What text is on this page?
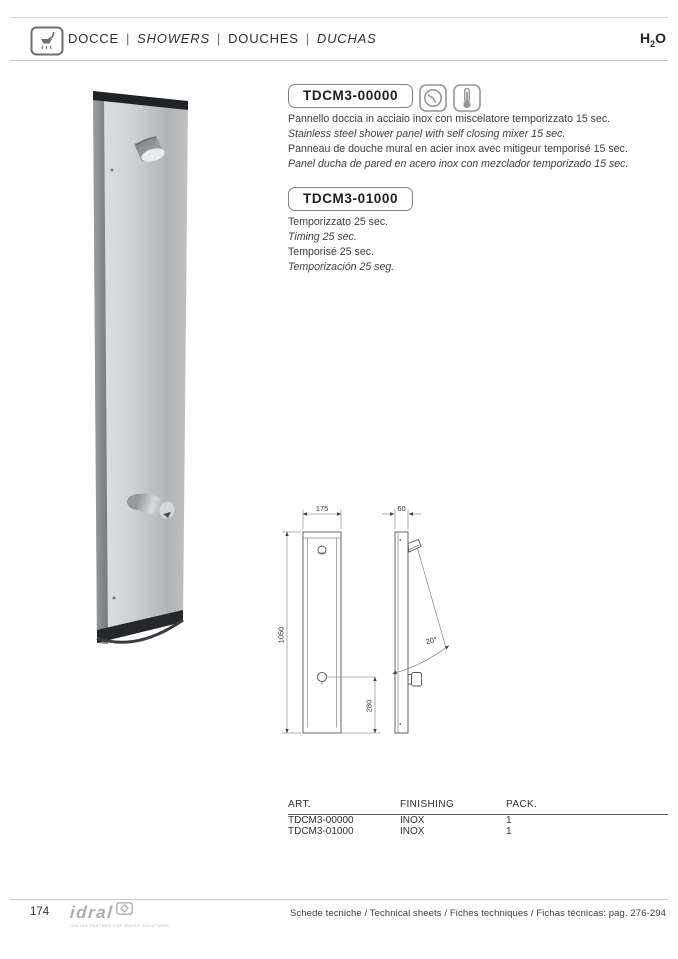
DOCCE | SHOWERS | DOUCHES | DUCHAS	$H_2O$
TDCM3-00000
Pannello doccia in acciaio inox con miscelatore temporizzato 15 sec.
Stainless steel shower panel with self closing mixer 15 sec.
Panneau de douche mural en acier inox avec mitigeur temporisé 15 sec.
Panel ducha de pared en acero inox con mezclador temporizado 15 sec.
TDCM3-01000
Temporizzato 25 sec.
Timing 25 sec.
Temporisé 25 sec.
Temporización 25 seg.
175	60
1050
280
20°
ART.	FINISHING	PACK.
TDCM3-00000	INOX	1
TDCM3-01000	INOX	1
174 idral
ITALIAN PARTNER FOR WATER SOLUTIONS
Schede tecniche / Technical sheets / Fiches techniques / Fichas técnicas: pag. 276-294
